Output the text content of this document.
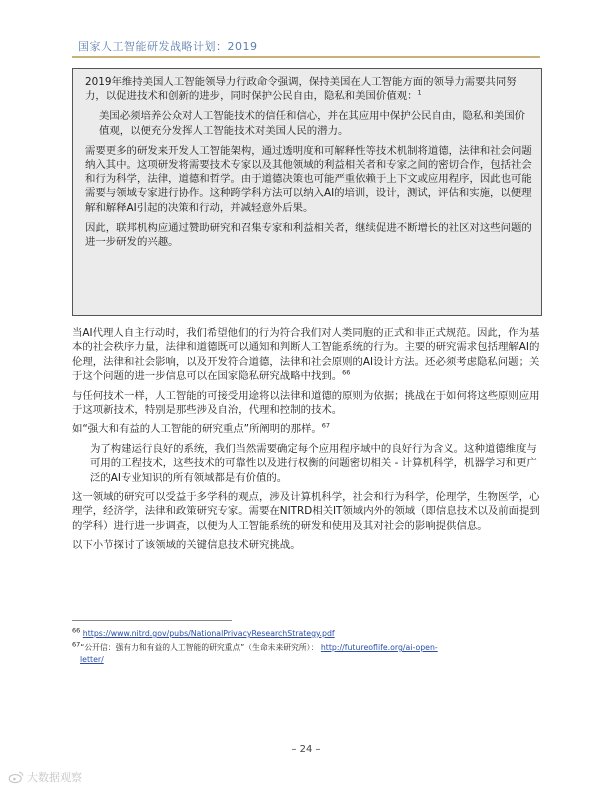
国家人工智能研发战略计划：2019

2019年维持美国人工智能领导力行政命令强调，保持美国在人工智能方面的领导力需要共同努力，以促进技术和创新的进步，同时保护公民自由，隐私和美国价值观：$^1$

美国必须培养公众对人工智能技术的信任和信心，并在其应用中保护公民自由，隐私和美国价值观，以便充分发挥人工智能技术对美国人民的潜力。

需要更多的研发来开发人工智能架构，通过透明度和可解释性等技术机制将道德，法律和社会问题纳入其中。这项研发将需要技术专家以及其他领域的利益相关者和专家之间的密切合作，包括社会和行为科学，法律，道德和哲学。由于道德决策也可能严重依赖于上下文或应用程序，因此也可能需要与领域专家进行协作。这种跨学科方法可以纳入AI的培训，设计，测试，评估和实施，以便理解和解释AI引起的决策和行动，并减轻意外后果。

因此，联邦机构应通过赞助研究和召集专家和利益相关者，继续促进不断增长的社区对这些问题的进一步研发的兴趣。

当AI代理人自主行动时，我们希望他们的行为符合我们对人类同胞的正式和非正式规范。因此，作为基本的社会秩序力量，法律和道德既可以通知和判断人工智能系统的行为。主要的研究需求包括理解AI的伦理，法律和社会影响，以及开发符合道德，法律和社会原则的AI设计方法。还必须考虑隐私问题；关于这个问题的进一步信息可以在国家隐私研究战略中找到。$^{66}$

与任何技术一样，人工智能的可接受用途将以法律和道德的原则为依据；挑战在于如何将这些原则应用于这项新技术，特别是那些涉及自治，代理和控制的技术。

如“强大和有益的人工智能的研究重点”所阐明的那样。$^{67}$

为了构建运行良好的系统，我们当然需要确定每个应用程序域中的良好行为含义。这种道德维度与可用的工程技术，这些技术的可靠性以及进行权衡的问题密切相关 - 计算机科学，机器学习和更广泛的AI专业知识的所有领域都是有价值的。

这一领域的研究可以受益于多学科的观点，涉及计算机科学，社会和行为科学，伦理学，生物医学，心理学，经济学，法律和政策研究专家。需要在NITRD相关IT领域内外的领域（即信息技术以及前面提到的学科）进行进一步调查，以便为人工智能系统的研发和使用及其对社会的影响提供信息。

以下小节探讨了该领域的关键信息技术研究挑战。

$^{66}$ https://www.nitrd.gov/pubs/NationalPrivacyResearchStrategy.pdf
$^{67}$“公开信：强有力和有益的人工智能的研究重点”（生命未来研究所）： http://futureoflife.org/ai-open-
letter/
– 24 –
大数据观察
